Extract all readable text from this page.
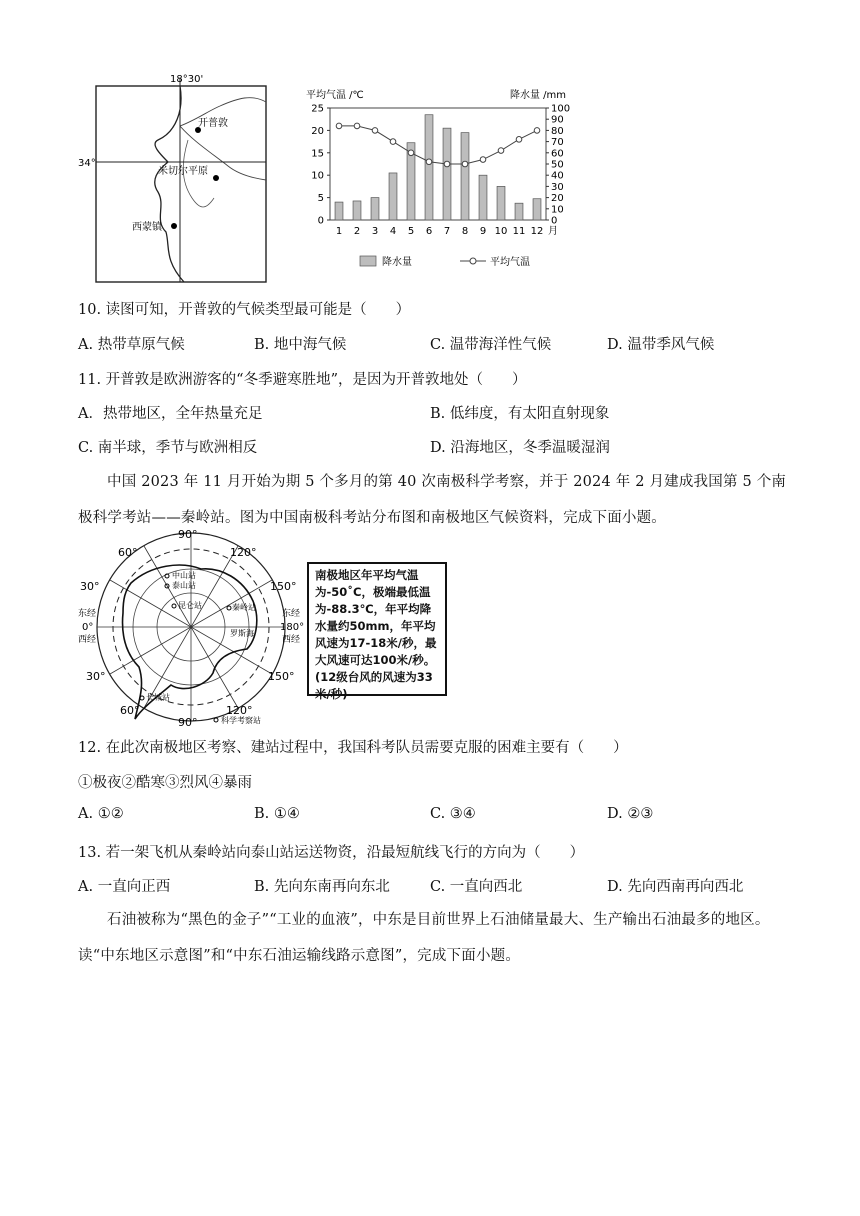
18°30'
34°
开普敦
米切尔平原
西蒙镇
平均气温 /℃	降水量 /mm
0
5
10
15
20
25
0
10
20
30
40
50
60
70
80
90
100
1 2 3 4 5 6 7 8 9 10 11 12 月
降水量	平均气温
10. 读图可知，开普敦的气候类型最可能是（　　）
A. 热带草原气候	B. 地中海气候	C. 温带海洋性气候	D. 温带季风气候
11. 开普敦是欧洲游客的“冬季避寒胜地”，是因为开普敦地处（　　）
A．热带地区，全年热量充足	B. 低纬度，有太阳直射现象
C. 南半球，季节与欧洲相反	D. 沿海地区，冬季温暖湿润
中国 2023 年 11 月开始为期 5 个多月的第 40 次南极科学考察，并于 2024 年 2 月建成我国第 5 个南极科学考站——秦岭站。图为中国南极科考站分布图和南极地区气候资料，完成下面小题。
90°
60°	120°
30°	150°
东经
0°
西经
东经
180°
西经
30°	150°
60°	120°
90°
中山站
泰山站
昆仑站	秦岭站
罗斯海
长城站
科学考察站
南极地区年平均气温为-50˚C，极端最低温为-88.3℃，年平均降水量约50mm，年平均风速为17-18米/秒，最大风速可达100米/秒。(12级台风的风速为33米/秒)
12. 在此次南极地区考察、建站过程中，我国科考队员需要克服的困难主要有（　　）
①极夜②酷寒③烈风④暴雨
A. ①②	B. ①④	C. ③④	D. ②③
13. 若一架飞机从秦岭站向泰山站运送物资，沿最短航线飞行的方向为（　　）
A. 一直向正西	B. 先向东南再向东北	C. 一直向西北	D. 先向西南再向西北
石油被称为“黑色的金子”“工业的血液”，中东是目前世界上石油储量最大、生产输出石油最多的地区。读“中东地区示意图”和“中东石油运输线路示意图”，完成下面小题。
